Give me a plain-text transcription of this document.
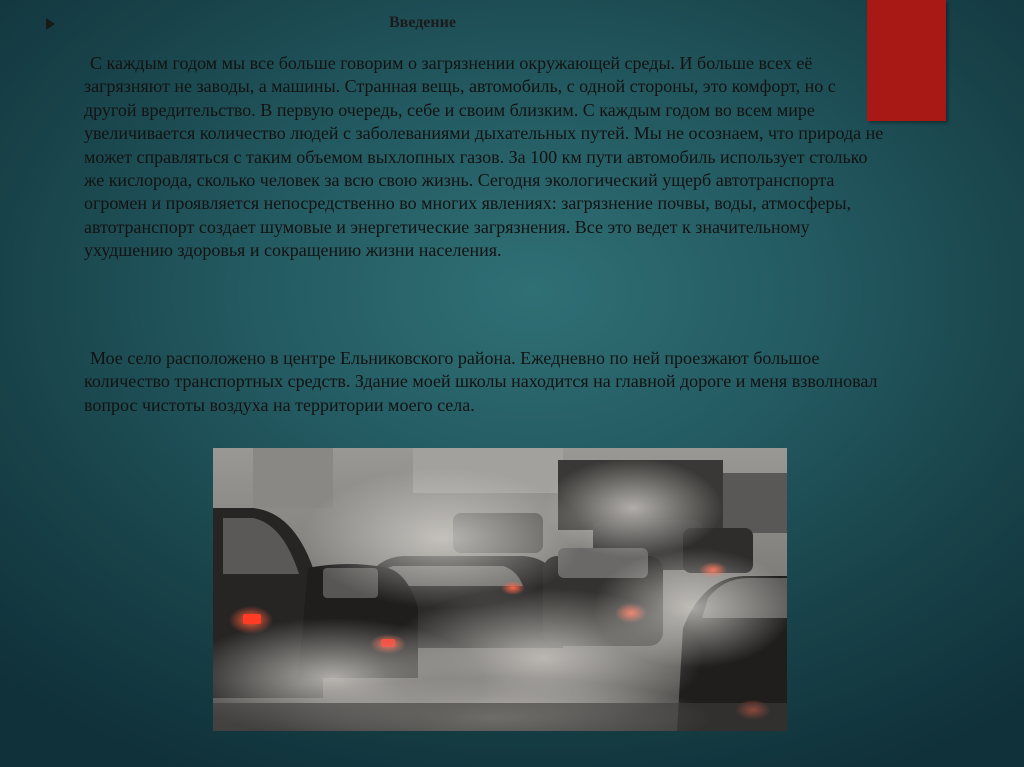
Введение

С каждым годом мы все больше говорим о загрязнении окружающей среды. И больше всех её загрязняют не заводы, а машины. Странная вещь, автомобиль, с одной стороны, это комфорт, но с другой вредительство. В первую очередь, себе и своим близким. С каждым годом во всем мире увеличивается количество людей с заболеваниями дыхательных путей. Мы не осознаем, что природа не может справляться с таким объемом выхлопных газов. За 100 км пути автомобиль использует столько же кислорода, сколько человек за всю свою жизнь. Сегодня экологический ущерб автотранспорта огромен и проявляется непосредственно во многих явлениях: загрязнение почвы, воды, атмосферы, автотранспорт создает шумовые и энергетические загрязнения. Все это ведет к значительному ухудшению здоровья и сокращению жизни населения.

Мое село расположено в центре Ельниковского района. Ежедневно по ней проезжают большое количество транспортных средств. Здание моей школы находится на главной дороге и меня взволновал вопрос чистоты воздуха на территории моего села.
